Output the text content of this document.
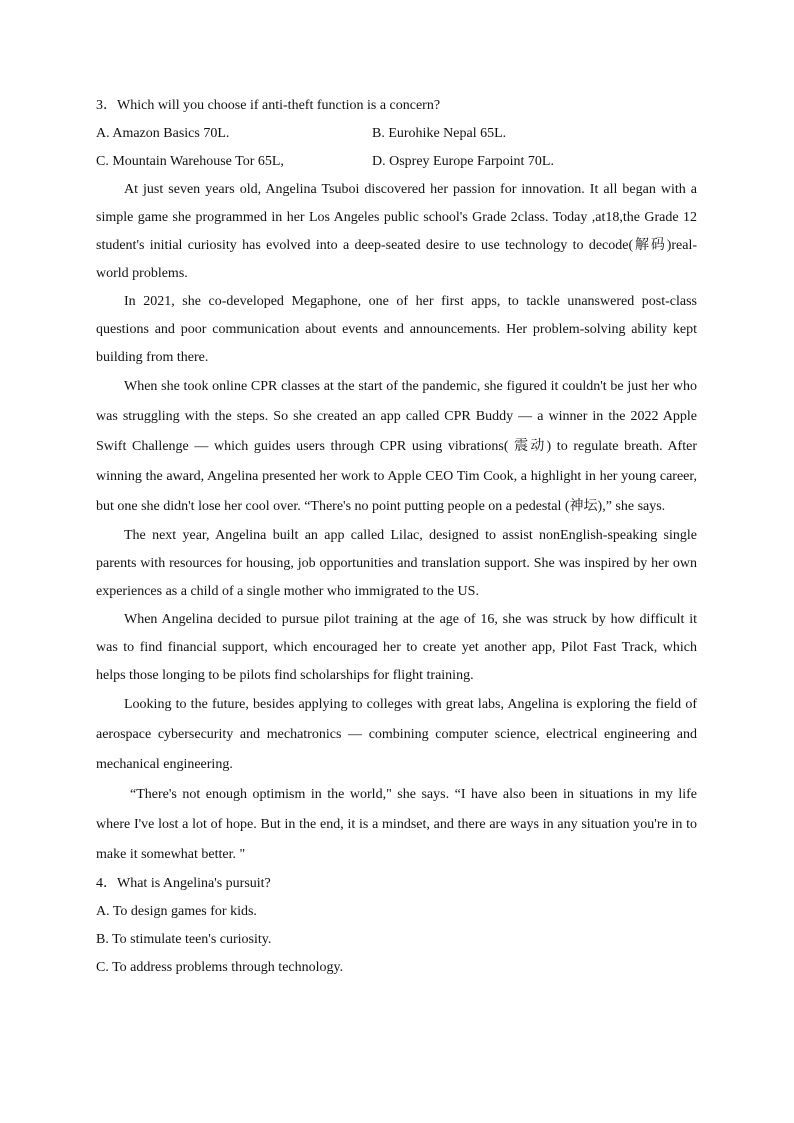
3．Which will you choose if anti-theft function is a concern?
A. Amazon Basics 70L.	B. Eurohike Nepal 65L.
C. Mountain Warehouse Tor 65L,	D. Osprey Europe Farpoint 70L.

At just seven years old, Angelina Tsuboi discovered her passion for innovation. It all began with a simple game she programmed in her Los Angeles public school's Grade 2class. Today ,at18,the Grade 12 student's initial curiosity has evolved into a deep-seated desire to use technology to decode(解码)real-world problems.

In 2021, she co-developed Megaphone, one of her first apps, to tackle unanswered post-class questions and poor communication about events and announcements. Her problem-solving ability kept building from there.

When she took online CPR classes at the start of the pandemic, she figured it couldn't be just her who was struggling with the steps. So she created an app called CPR Buddy — a winner in the 2022 Apple Swift Challenge — which guides users through CPR using vibrations( 震动) to regulate breath. After winning the award, Angelina presented her work to Apple CEO Tim Cook, a highlight in her young career, but one she didn't lose her cool over. “There's no point putting people on a pedestal (神坛),” she says.

The next year, Angelina built an app called Lilac, designed to assist nonEnglish-speaking single parents with resources for housing, job opportunities and translation support. She was inspired by her own experiences as a child of a single mother who immigrated to the US.

When Angelina decided to pursue pilot training at the age of 16, she was struck by how difficult it was to find financial support, which encouraged her to create yet another app, Pilot Fast Track, which helps those longing to be pilots find scholarships for flight training.

Looking to the future, besides applying to colleges with great labs, Angelina is exploring the field of aerospace cybersecurity and mechatronics — combining computer science, electrical engineering and mechanical engineering.

“There's not enough optimism in the world," she says. “I have also been in situations in my life where I've lost a lot of hope. But in the end, it is a mindset, and there are ways in any situation you're in to make it somewhat better. "

4．What is Angelina's pursuit?
A. To design games for kids.
B. To stimulate teen's curiosity.
C. To address problems through technology.
